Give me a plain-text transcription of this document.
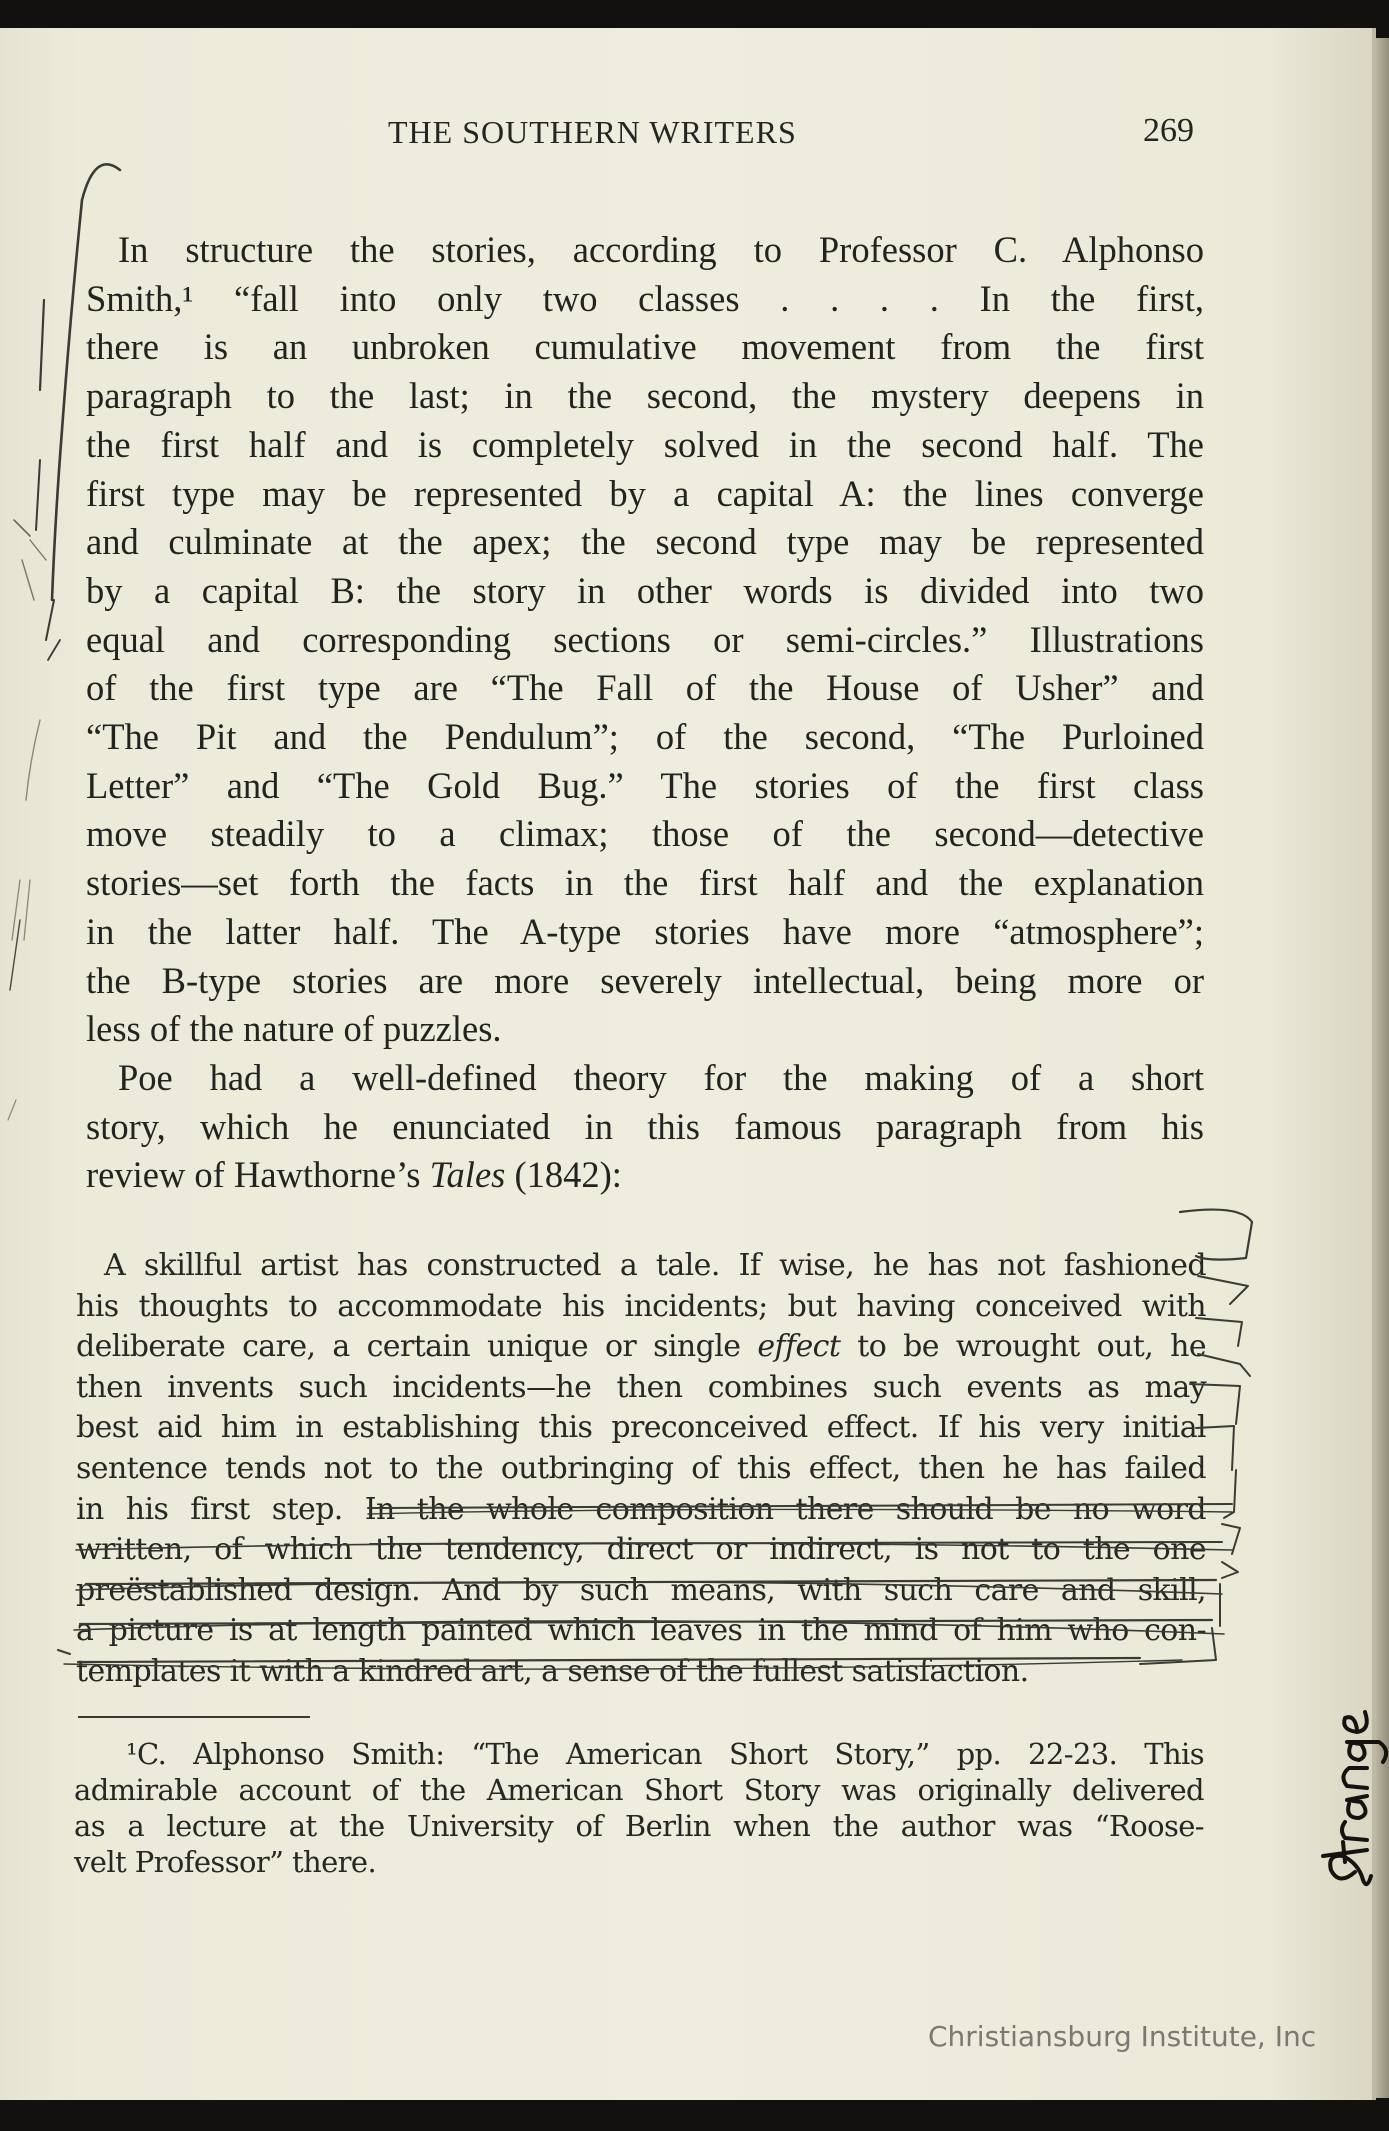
THE SOUTHERN WRITERS	269
In structure the stories, according to Professor C. Alphonso
Smith,¹ “fall into only two classes . . . . In the first,
there is an unbroken cumulative movement from the first
paragraph to the last; in the second, the mystery deepens in
the first half and is completely solved in the second half. The
first type may be represented by a capital A: the lines converge
and culminate at the apex; the second type may be represented
by a capital B: the story in other words is divided into two
equal and corresponding sections or semi-circles.” Illustrations
of the first type are “The Fall of the House of Usher” and
“The Pit and the Pendulum”; of the second, “The Purloined
Letter” and “The Gold Bug.” The stories of the first class
move steadily to a climax; those of the second—detective
stories—set forth the facts in the first half and the explanation
in the latter half. The A-type stories have more “atmosphere”;
the B-type stories are more severely intellectual, being more or
less of the nature of puzzles.
Poe had a well-defined theory for the making of a short
story, which he enunciated in this famous paragraph from his
review of Hawthorne’s Tales (1842):
A skillful artist has constructed a tale. If wise, he has not fashioned
his thoughts to accommodate his incidents; but having conceived with
deliberate care, a certain unique or single effect to be wrought out, he
then invents such incidents—he then combines such events as may
best aid him in establishing this preconceived effect. If his very initial
sentence tends not to the outbringing of this effect, then he has failed
in his first step. In the whole composition there should be no word
written, of which the tendency, direct or indirect, is not to the one
preëstablished design. And by such means, with such care and skill,
a picture is at length painted which leaves in the mind of him who con-
templates it with a kindred art, a sense of the fullest satisfaction.
¹C. Alphonso Smith: “The American Short Story,” pp. 22-23. This
admirable account of the American Short Story was originally delivered
as a lecture at the University of Berlin when the author was “Roose-
velt Professor” there.
Christiansburg Institute, Inc
